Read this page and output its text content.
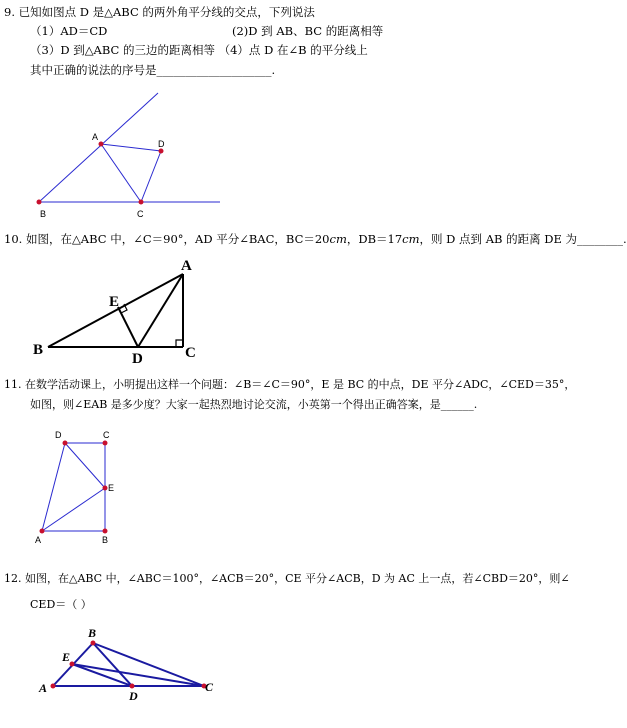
9. 已知如图点 D 是△ABC 的两外角平分线的交点，下列说法
（1）AD＝CD	(2)D 到 AB、BC 的距离相等
（3）D 到△ABC 的三边的距离相等 （4）点 D 在∠B 的平分线上
其中正确的说法的序号是____________________.
A
D
B	C
A
B	C
D
E
D	C
E
A	B
B
E
A
D
C
10. 如图，在△ABC 中，∠C＝90°，AD 平分∠BAC，BC＝20cm，DB＝17cm，则 D 点到 AB 的距离 DE 为________.
11. 在数学活动课上，小明提出这样一个问题：∠B＝∠C＝90°，E 是 BC 的中点，DE 平分∠ADC，∠CED＝35°，
如图，则∠EAB 是多少度？大家一起热烈地讨论交流，小英第一个得出正确答案，是______.
12. 如图，在△ABC 中，∠ABC＝100°，∠ACB＝20°，CE 平分∠ACB，D 为 AC 上一点，若∠CBD＝20°，则∠
CED＝（ ）
